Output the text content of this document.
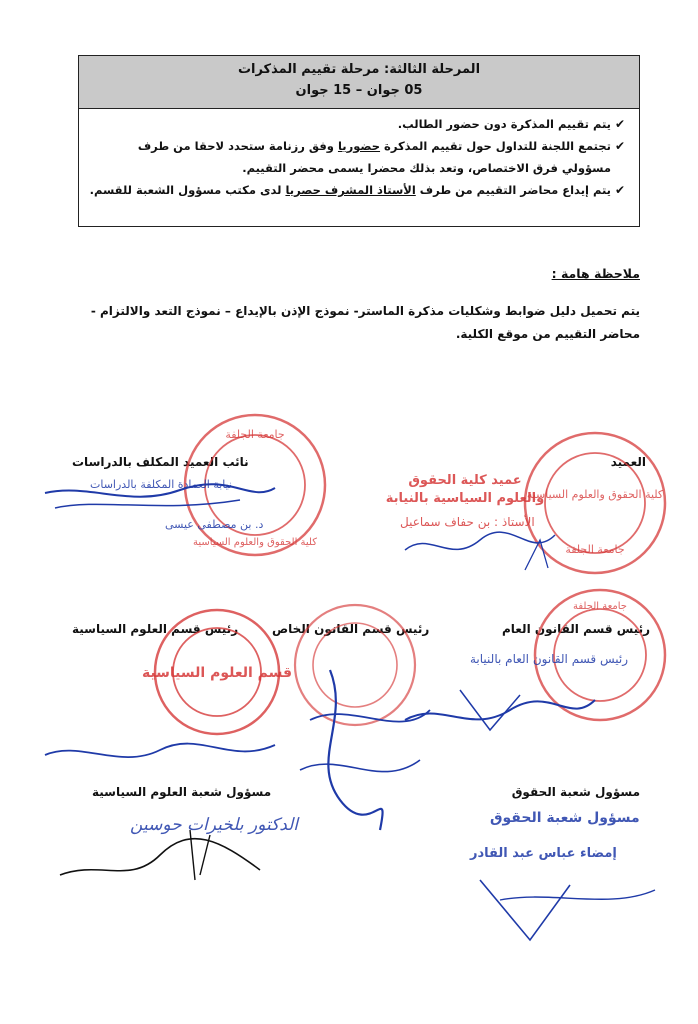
المرحلة الثالثة: مرحلة تقييم المذكرات
05 جوان – 15 جوان
✔
يتم تقييم المذكرة دون حضور الطالب.
✔
تجتمع اللجنة للتداول حول تقييم المذكرة حضوريا وفق رزنامة ستحدد لاحقا من طرف مسؤولي فرق الاختصاص، وتعد بذلك محضرا يسمى محضر التقييم.
✔
يتم إيداع محاضر التقييم من طرف الأستاذ المشرف حصريا لدى مكتب مسؤول الشعبة للقسم.
ملاحظة هامة :
يتم تحميل دليل ضوابط وشكليات مذكرة الماستر- نموذج الإذن بالإيداع – نموذج التعد والالتزام - محاضر التقييم من موقع الكلية.
العميد
نائب العميد المكلف بالدراسات
رئيس قسم القانون العام
رئيس قسم القانون الخاص
رئيس قسم العلوم السياسية
مسؤول شعبة الحقوق
مسؤول شعبة العلوم السياسية
كلية الحقوق والعلوم السياسية
جامعة الجلفة
عميد كلية الحقوق والعلوم السياسية بالنيابة
الأستاذ : بن حفاف سماعيل
جامعة الجلفة
كلية الحقوق والعلوم السياسية
نيابة العمادة المكلفة بالدراسات
د. بن مصطفى عيسى
جامعة الجلفة
رئيس قسم القانون العام بالنيابة
قسم العلوم السياسية
الدكتور بلخيرات حوسين	مسؤول شعبة الحقوق
إمضاء عباس عبد القادر
